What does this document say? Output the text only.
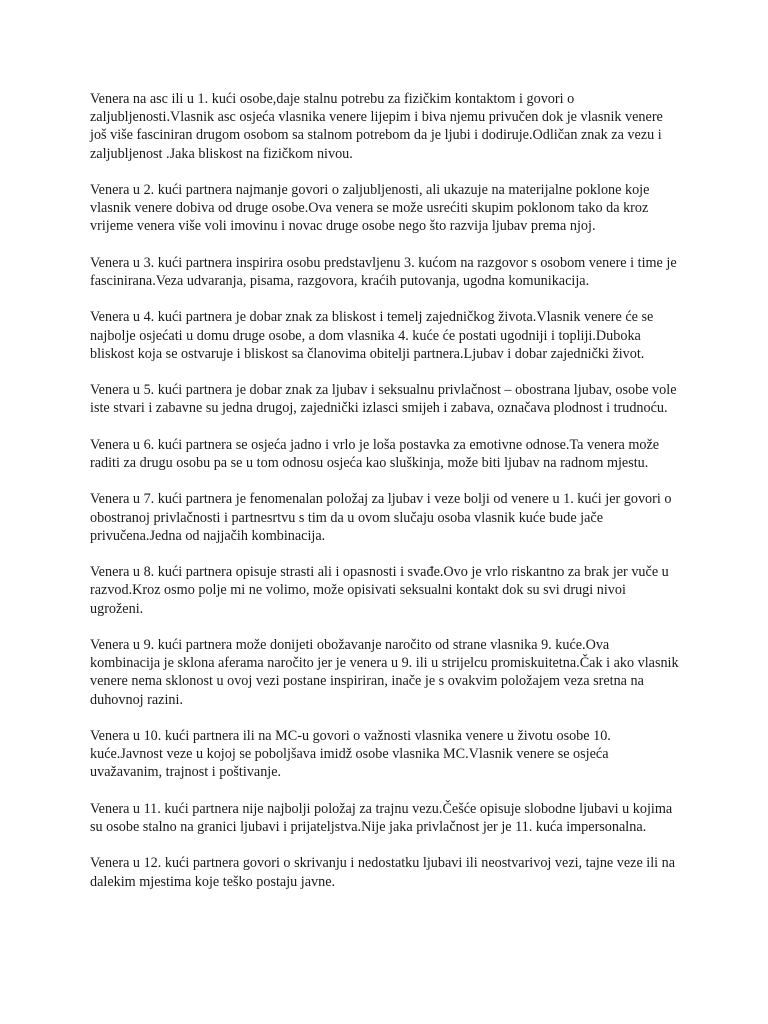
Venera na asc ili u 1. kući osobe,daje stalnu potrebu za fizičkim kontaktom i govori o zaljubljenosti.Vlasnik asc osjeća vlasnika venere lijepim i biva njemu privučen dok je vlasnik venere još više fasciniran drugom osobom sa stalnom potrebom da je ljubi i dodiruje.Odličan znak za vezu i zaljubljenost .Jaka bliskost na fizičkom nivou.

Venera u 2. kući partnera najmanje govori o zaljubljenosti, ali ukazuje na materijalne poklone koje vlasnik venere dobiva od druge osobe.Ova venera se može usrećiti skupim poklonom tako da kroz vrijeme venera više voli imovinu i novac druge osobe nego što razvija ljubav prema njoj.

Venera u 3. kući partnera inspirira osobu predstavljenu 3. kućom na razgovor s osobom venere i time je fascinirana.Veza udvaranja, pisama, razgovora, kraćih putovanja, ugodna komunikacija.

Venera u 4. kući partnera je dobar znak za bliskost i temelj zajedničkog života.Vlasnik venere će se najbolje osjećati u domu druge osobe, a dom vlasnika 4. kuće će postati ugodniji i topliji.Duboka bliskost koja se ostvaruje i bliskost sa članovima obitelji partnera.Ljubav i dobar zajednički život.

Venera u 5. kući partnera je dobar znak za ljubav i seksualnu privlačnost – obostrana ljubav, osobe vole iste stvari i zabavne su jedna drugoj, zajednički izlasci smijeh i zabava, označava plodnost i trudnoću.

Venera u 6. kući partnera se osjeća jadno i vrlo je loša postavka za emotivne odnose.Ta venera može raditi za drugu osobu pa se u tom odnosu osjeća kao sluškinja, može biti ljubav na radnom mjestu.

Venera u 7. kući partnera je fenomenalan položaj za ljubav i veze bolji od venere u 1. kući jer govori o obostranoj privlačnosti i partnesrtvu s tim da u ovom slučaju osoba vlasnik kuće bude jače privučena.Jedna od najjačih kombinacija.

Venera u 8. kući partnera opisuje strasti ali i opasnosti i svađe.Ovo je vrlo riskantno za brak jer vuče u razvod.Kroz osmo polje mi ne volimo, može opisivati seksualni kontakt dok su svi drugi nivoi ugroženi.

Venera u 9. kući partnera može donijeti obožavanje naročito od strane vlasnika 9. kuće.Ova kombinacija je sklona aferama naročito jer je venera u 9. ili u strijelcu promiskuitetna.Čak i ako vlasnik venere nema sklonost u ovoj vezi postane inspiriran, inače je s ovakvim položajem veza sretna na duhovnoj razini.

Venera u 10. kući partnera ili na MC-u govori o važnosti vlasnika venere u životu osobe 10. kuće.Javnost veze u kojoj se poboljšava imidž osobe vlasnika MC.Vlasnik venere se osjeća uvažavanim, trajnost i poštivanje.

Venera u 11. kući partnera nije najbolji položaj za trajnu vezu.Češće opisuje slobodne ljubavi u kojima su osobe stalno na granici ljubavi i prijateljstva.Nije jaka privlačnost jer je 11. kuća impersonalna.

Venera u 12. kući partnera govori o skrivanju i nedostatku ljubavi ili neostvarivoj vezi, tajne veze ili na dalekim mjestima koje teško postaju javne.
